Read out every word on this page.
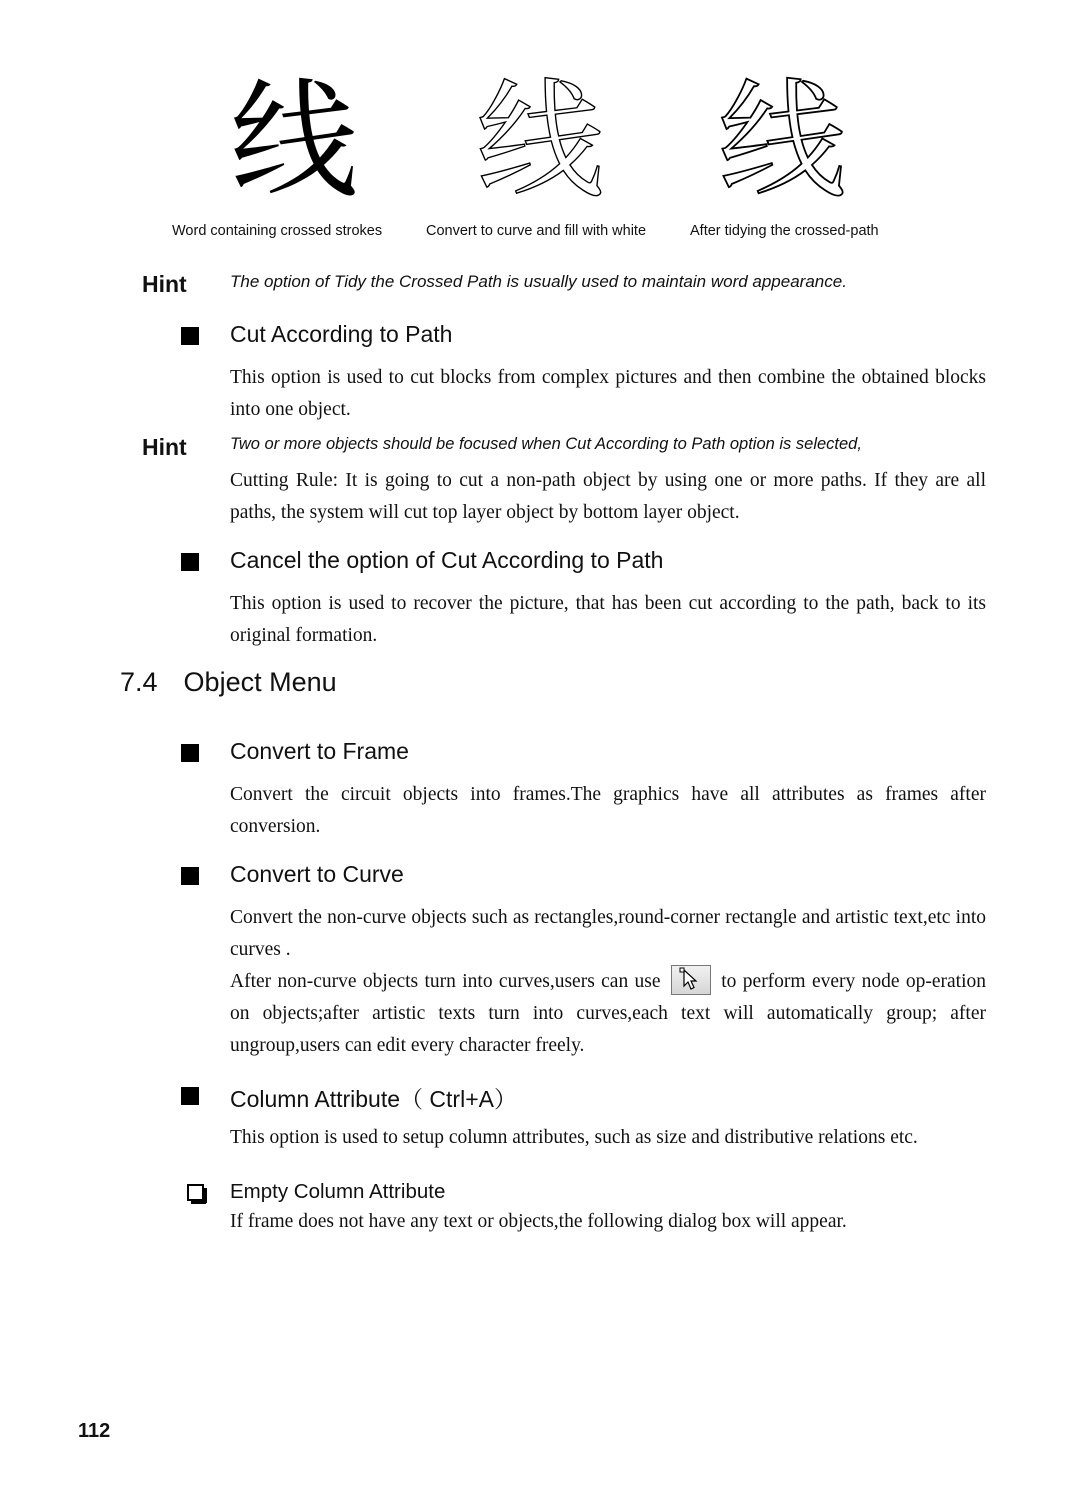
线 线 线
Word containing crossed strokes	Convert to curve and fill with white	After tidying the crossed-path
Hint	The option of Tidy the Crossed Path is usually used to maintain word appearance.
Cut According to Path

This option is used to cut blocks from complex pictures and then combine the obtained blocks into one object.

Hint	Two or more objects should be focused when Cut According to Path option is selected,

Cutting Rule: It is going to cut a non-path object by using one or more paths. If they are all paths, the system will cut top layer object by bottom layer object.

Cancel the option of Cut According to Path

This option is used to recover the picture, that has been cut according to the path, back to its original formation.

7.4 Object Menu
Convert to Frame

Convert the circuit objects into frames.The graphics have all attributes as frames after conversion.

Convert to Curve

Convert the non-curve objects such as rectangles,round-corner rectangle and artistic text,etc into curves .

After non-curve objects turn into curves,users can use	to perform every node op-eration on objects;after artistic texts turn into curves,each text will automatically group; after ungroup,users can edit every character freely.

Column Attribute（ Ctrl+A）

This option is used to setup column attributes, such as size and distributive relations etc.

Empty Column Attribute

If frame does not have any text or objects,the following dialog box will appear.

112
